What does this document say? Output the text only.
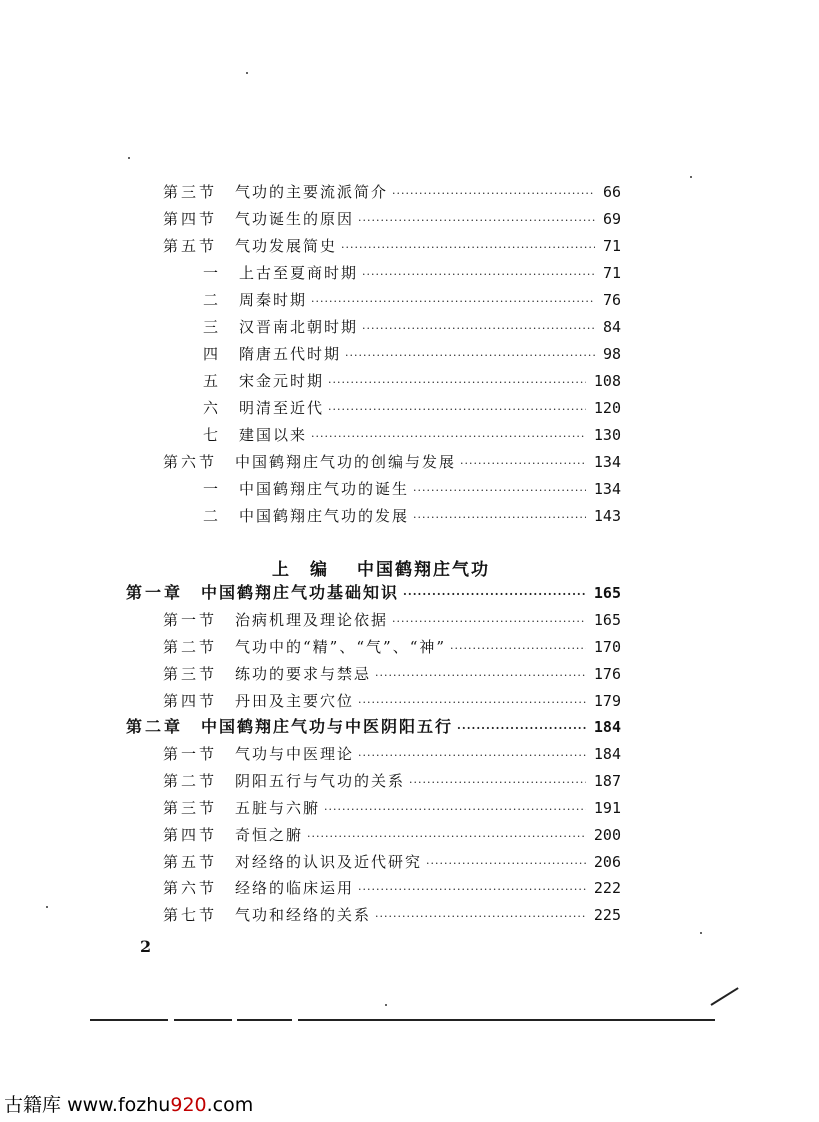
第三节 气功的主要流派简介 ·····	66
第四节 气功诞生的原因 ·····	69
第五节 气功发展简史 ·····	71
一 上古至夏商时期 ·····	71
二 周秦时期 ·····	76
三 汉晋南北朝时期 ·····	84
四 隋唐五代时期 ·····	98
五 宋金元时期 ·····	108
六 明清至近代 ·····	120
七 建国以来 ·····	130
第六节 中国鹤翔庄气功的创编与发展 ·····	134
一 中国鹤翔庄气功的诞生 ·····	134
二 中国鹤翔庄气功的发展 ·····	143
上　编 中国鹤翔庄气功
第一章 中国鹤翔庄气功基础知识 ·····	165
第一节 治病机理及理论依据 ·····	165
第二节 气功中的“精”、“气”、“神” ·····	170
第三节 练功的要求与禁忌 ·····	176
第四节 丹田及主要穴位 ·····	179
第二章 中国鹤翔庄气功与中医阴阳五行 ·····	184
第一节 气功与中医理论 ·····	184
第二节 阴阳五行与气功的关系 ·····	187
第三节 五脏与六腑 ·····	191
第四节 奇恒之腑 ·····	200
第五节 对经络的认识及近代研究 ·····	206
第六节 经络的临床运用 ·····	222
第七节 气功和经络的关系 ·····	225
2
古籍库 www.fozhu920.com
